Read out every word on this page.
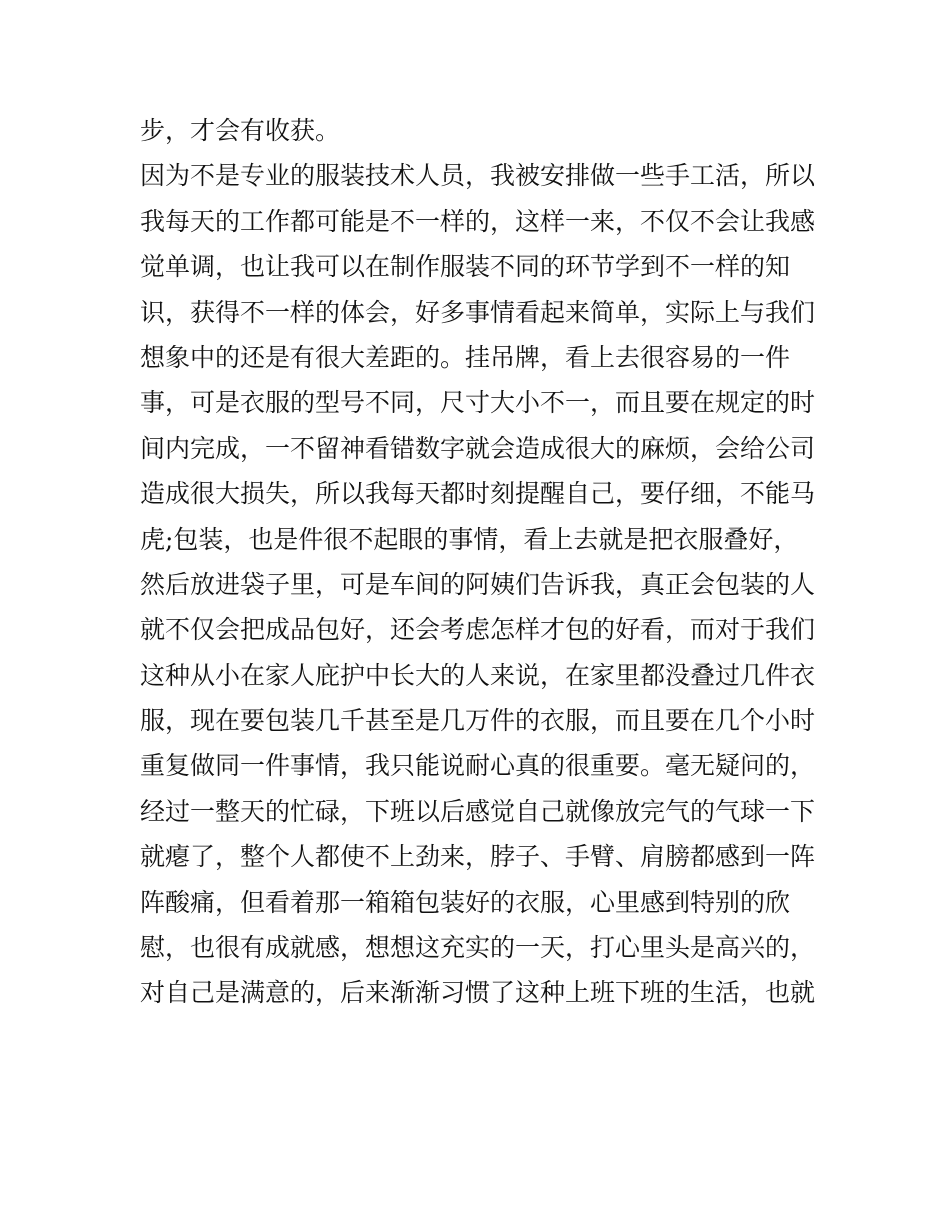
步，才会有收获。
因为不是专业的服装技术人员，我被安排做一些手工活，所以
我每天的工作都可能是不一样的，这样一来，不仅不会让我感
觉单调，也让我可以在制作服装不同的环节学到不一样的知
识，获得不一样的体会，好多事情看起来简单，实际上与我们
想象中的还是有很大差距的。挂吊牌，看上去很容易的一件
事，可是衣服的型号不同，尺寸大小不一，而且要在规定的时
间内完成，一不留神看错数字就会造成很大的麻烦，会给公司
造成很大损失，所以我每天都时刻提醒自己，要仔细，不能马
虎;包装，也是件很不起眼的事情，看上去就是把衣服叠好，
然后放进袋子里，可是车间的阿姨们告诉我，真正会包装的人
就不仅会把成品包好，还会考虑怎样才包的好看，而对于我们
这种从小在家人庇护中长大的人来说，在家里都没叠过几件衣
服，现在要包装几千甚至是几万件的衣服，而且要在几个小时
重复做同一件事情，我只能说耐心真的很重要。毫无疑问的，
经过一整天的忙碌，下班以后感觉自己就像放完气的气球一下
就瘪了，整个人都使不上劲来，脖子、手臂、肩膀都感到一阵
阵酸痛，但看着那一箱箱包装好的衣服，心里感到特别的欣
慰，也很有成就感，想想这充实的一天，打心里头是高兴的，
对自己是满意的，后来渐渐习惯了这种上班下班的生活，也就
